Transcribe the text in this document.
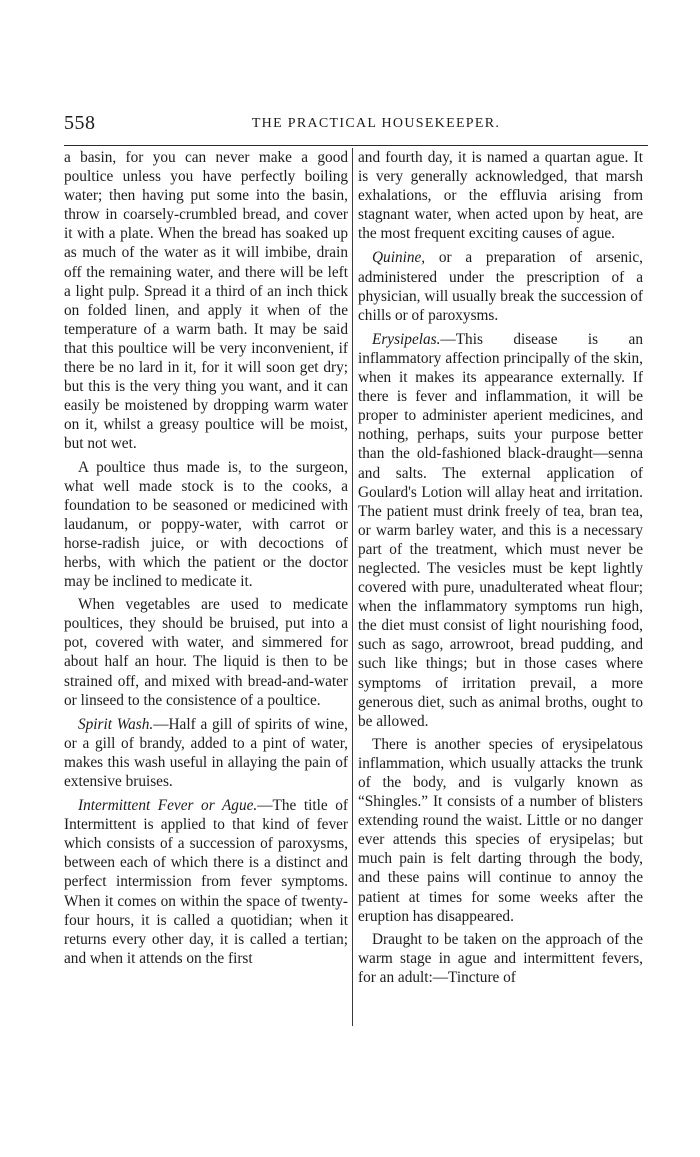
558	THE PRACTICAL HOUSEKEEPER.

a basin, for you can never make a good poultice unless you have perfectly boiling water; then having put some into the basin, throw in coarsely-crumbled bread, and cover it with a plate. When the bread has soaked up as much of the water as it will imbibe, drain off the remaining water, and there will be left a light pulp. Spread it a third of an inch thick on folded linen, and apply it when of the temperature of a warm bath. It may be said that this poultice will be very inconvenient, if there be no lard in it, for it will soon get dry; but this is the very thing you want, and it can easily be moistened by dropping warm water on it, whilst a greasy poultice will be moist, but not wet.

A poultice thus made is, to the surgeon, what well made stock is to the cooks, a foundation to be seasoned or medicined with laudanum, or poppy-water, with carrot or horse-radish juice, or with decoctions of herbs, with which the patient or the doctor may be inclined to medicate it.

When vegetables are used to medicate poultices, they should be bruised, put into a pot, covered with water, and simmered for about half an hour. The liquid is then to be strained off, and mixed with bread-and-water or linseed to the consistence of a poultice.

Spirit Wash.—Half a gill of spirits of wine, or a gill of brandy, added to a pint of water, makes this wash useful in allaying the pain of extensive bruises.

Intermittent Fever or Ague.—The title of Intermittent is applied to that kind of fever which consists of a succession of paroxysms, between each of which there is a distinct and perfect intermission from fever symptoms. When it comes on within the space of twenty-four hours, it is called a quotidian; when it returns every other day, it is called a tertian; and when it attends on the first

and fourth day, it is named a quartan ague. It is very generally acknowledged, that marsh exhalations, or the effluvia arising from stagnant water, when acted upon by heat, are the most frequent exciting causes of ague.

Quinine, or a preparation of arsenic, administered under the prescription of a physician, will usually break the succession of chills or of paroxysms.

Erysipelas.—This disease is an inflammatory affection principally of the skin, when it makes its appearance externally. If there is fever and inflammation, it will be proper to administer aperient medicines, and nothing, perhaps, suits your purpose better than the old-fashioned black-draught—senna and salts. The external application of Goulard's Lotion will allay heat and irritation. The patient must drink freely of tea, bran tea, or warm barley water, and this is a necessary part of the treatment, which must never be neglected. The vesicles must be kept lightly covered with pure, unadulterated wheat flour; when the inflammatory symptoms run high, the diet must consist of light nourishing food, such as sago, arrowroot, bread pudding, and such like things; but in those cases where symptoms of irritation prevail, a more generous diet, such as animal broths, ought to be allowed.

There is another species of erysipelatous inflammation, which usually attacks the trunk of the body, and is vulgarly known as “Shingles.” It consists of a number of blisters extending round the waist. Little or no danger ever attends this species of erysipelas; but much pain is felt darting through the body, and these pains will continue to annoy the patient at times for some weeks after the eruption has disappeared.

Draught to be taken on the approach of the warm stage in ague and intermittent fevers, for an adult:—Tincture of
